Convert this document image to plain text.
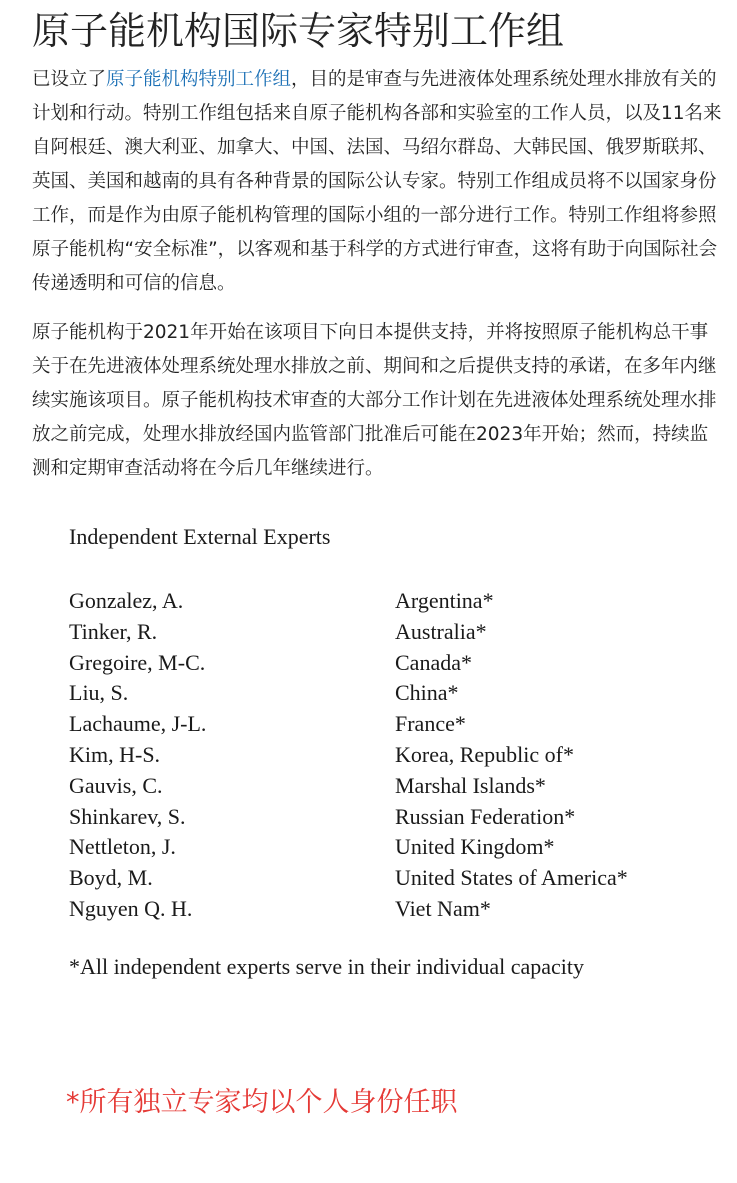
原子能机构国际专家特别工作组

已设立了原子能机构特别工作组，目的是审查与先进液体处理系统处理水排放有关的计划和行动。特别工作组包括来自原子能机构各部和实验室的工作人员，以及11名来自阿根廷、澳大利亚、加拿大、中国、法国、马绍尔群岛、大韩民国、俄罗斯联邦、英国、美国和越南的具有各种背景的国际公认专家。特别工作组成员将不以国家身份工作，而是作为由原子能机构管理的国际小组的一部分进行工作。特别工作组将参照原子能机构“安全标准”，以客观和基于科学的方式进行审查，这将有助于向国际社会传递透明和可信的信息。

原子能机构于2021年开始在该项目下向日本提供支持，并将按照原子能机构总干事关于在先进液体处理系统处理水排放之前、期间和之后提供支持的承诺，在多年内继续实施该项目。原子能机构技术审查的大部分工作计划在先进液体处理系统处理水排放之前完成，处理水排放经国内监管部门批准后可能在2023年开始；然而，持续监测和定期审查活动将在今后几年继续进行。

Independent External Experts
Gonzalez, A.	Argentina*
Tinker, R.	Australia*
Gregoire, M-C.	Canada*
Liu, S.	China*
Lachaume, J-L.	France*
Kim, H-S.	Korea, Republic of*
Gauvis, C.	Marshal Islands*
Shinkarev, S.	Russian Federation*
Nettleton, J.	United Kingdom*
Boyd, M.	United States of America*
Nguyen Q. H.	Viet Nam*

*All independent experts serve in their individual capacity

*所有独立专家均以个人身份任职
